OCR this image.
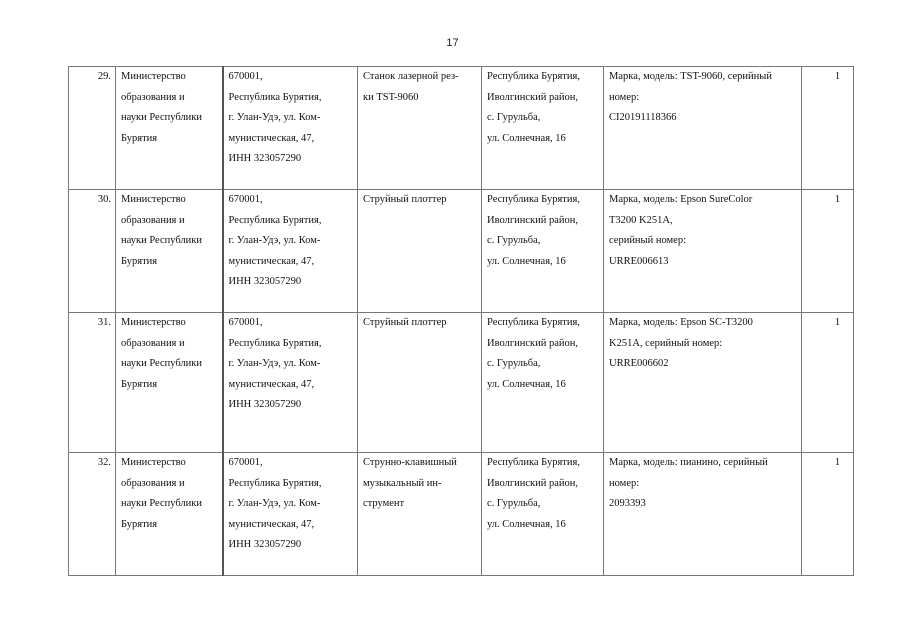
17
29.	Министерство
образования и
науки Республики
Бурятия	670001,
Республика Бурятия,
г. Улан-Удэ, ул. Ком-
мунистическая, 47,
ИНН 323057290	Станок лазерной рез-
ки TST-9060	Республика Бурятия,
Иволгинский район,
с. Гурульба,
ул. Солнечная, 16	Марка, модель: TST-9060, серийный
номер:
CI20191118366	1
30.	Министерство
образования и
науки Республики
Бурятия	670001,
Республика Бурятия,
г. Улан-Удэ, ул. Ком-
мунистическая, 47,
ИНН 323057290	Струйный плоттер	Республика Бурятия,
Иволгинский район,
с. Гурульба,
ул. Солнечная, 16	Марка, модель: Epson SureColor
T3200 K251A,
серийный номер:
URRE006613	1
31.	Министерство
образования и
науки Республики
Бурятия	670001,
Республика Бурятия,
г. Улан-Удэ, ул. Ком-
мунистическая, 47,
ИНН 323057290	Струйный плоттер	Республика Бурятия,
Иволгинский район,
с. Гурульба,
ул. Солнечная, 16	Марка, модель: Epson SC-T3200
K251A, серийный номер:
URRE006602	1
32.	Министерство
образования и
науки Республики
Бурятия	670001,
Республика Бурятия,
г. Улан-Удэ, ул. Ком-
мунистическая, 47,
ИНН 323057290	Струнно-клавишный
музыкальный ин-
струмент	Республика Бурятия,
Иволгинский район,
с. Гурульба,
ул. Солнечная, 16	Марка, модель: пианино, серийный
номер:
2093393	1
